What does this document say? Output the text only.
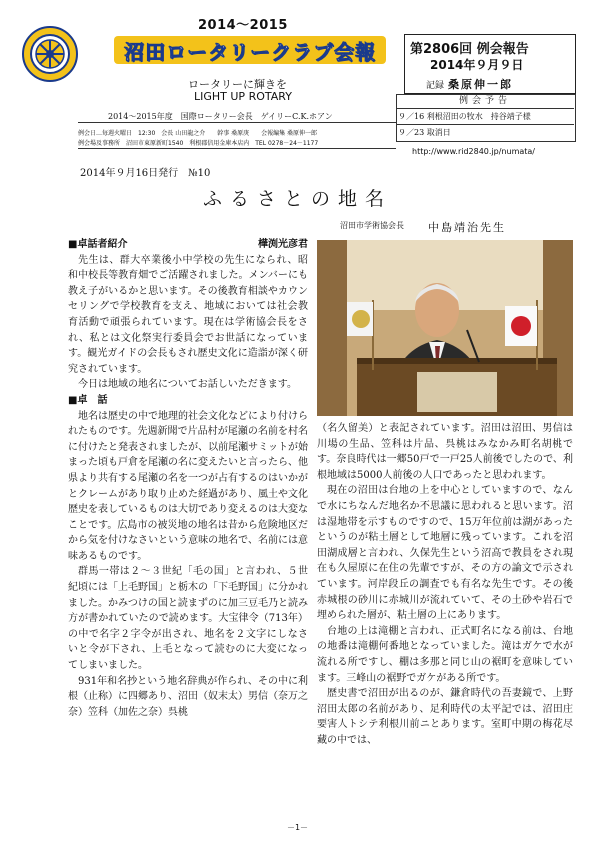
2014～2015
沼田ロータリークラブ会報
ロータリーに輝きを
LIGHT UP ROTARY
2014～2015年度　国際ロータリー会長　ゲイリーC.K.ホアン
例会日…毎週火曜日　12:30　会長 山田龍之介　　幹事 桑原庚　　会報編集 桑原伸一郎
例会場及事務所　沼田市東原新町1540　利根郡信用金庫本店内　TEL 0278－24－1177
第2806回 例会報告
2014年９月９日
記録 桑原伸一郎
例会予告
９／16 利根沼田の牧水　持谷靖子様
９／23 取消日
http://www.rid2840.jp/numata/
2014年９月16日発行　№10
ふるさとの地名
沼田市学術協会長 中島靖治先生

■卓話者紹介	樺渕光彦君

先生は、群大卒業後小中学校の先生になられ、昭和中校長等教育畑でご活躍されました。メンバーにも教え子がいるかと思います。その後教育相談やカウンセリングで学校教育を支え、地域においては社会教育活動で頑張られています。現在は学術協会長をされ、私とは文化祭実行委員会でお世話になっています。観光ガイドの会長もされ歴史文化に造詣が深く研究されています。

今日は地域の地名についてお話しいただきます。

■卓　話

地名は歴史の中で地理的社会文化などにより付けられたものです。先週新聞で片品村が尾瀬の名前を村名に付けたと発表されましたが、以前尾瀬サミットが始まった頃も戸倉を尾瀬の名に変えたいと言ったら、他県より共有する尾瀬の名を一つが占有するのはいかがとクレームがあり取り止めた経過があり、風土や文化歴史を表しているものは大切であり変えるのは大変なことです。広島市の被災地の地名は昔から危険地区だから気を付けなさいという意味の地名で、名前には意味あるものです。

群馬一帯は２～３世紀「毛の国」と言われ、５世紀頃には「上毛野国」と栃木の「下毛野国」に分かれました。かみつけの国と読まずのに加三豆毛乃と読み方が書かれていたので読めます。大宝律令（713年）の中で名字２字令が出され、地名を２文字にしなさいと令が下され、上毛となって読むのに大変になってしまいました。

931年和名抄という地名辞典が作られ、その中に利根（止称）に四郷あり、沼田（奴末太）男信（奈万之奈）笠科（加佐之奈）呉桃

（名久留美）と表記されています。沼田は沼田、男信は川場の生品、笠科は片品、呉桃はみなかみ町名胡桃です。奈良時代は一郷50戸で一戸25人前後でしたので、利根地域は5000人前後の人口であったと思われます。

現在の沼田は台地の上を中心としていますので、なんで水にちなんだ地名か不思議に思われると思います。沼は湿地帯を示すものですので、15万年位前は湖があったというのが粘土層として地層に残っています。これを沼田湖成層と言われ、久保先生という沼高で教員をされ現在も久屋原に在住の先輩ですが、その方の論文で示されています。河岸段丘の調査でも有名な先生です。その後赤城根の砂川に赤城川が流れていて、その土砂や岩石で埋められた層が、粘土層の上にあります。

台地の上は滝棚と言われ、正式町名になる前は、台地の地番は滝棚何番地となっていました。滝はガケで水が流れる所ですし、棚は多那と同じ山の裾町を意味しています。三峰山の裾野でガケがある所です。

歴史書で沼田が出るのが、鎌倉時代の吾妻鏡で、上野沼田太郎の名前があり、足利時代の太平記では、沼田庄要害人トシテ利根川前ニとあります。室町中期の梅花尽藏の中では、

－1－
